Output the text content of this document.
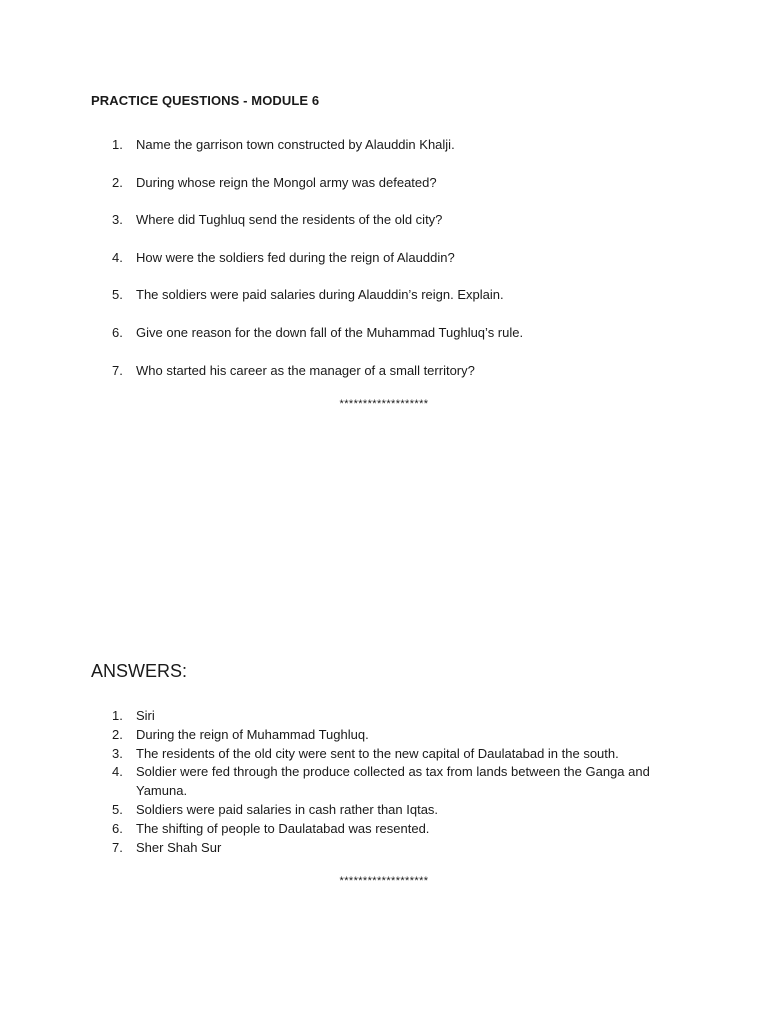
PRACTICE QUESTIONS - MODULE 6
1. Name the garrison town constructed by Alauddin Khalji.
2. During whose reign the Mongol army was defeated?
3. Where did Tughluq send the residents of the old city?
4. How were the soldiers fed during the reign of Alauddin?
5. The soldiers were paid salaries during Alauddin’s reign. Explain.
6. Give one reason for the down fall of the Muhammad Tughluq’s rule.
7. Who started his career as the manager of a small territory?
*******************
ANSWERS:
1. Siri
2. During the reign of Muhammad Tughluq.
3. The residents of the old city were sent to the new capital of Daulatabad in the south.
4. Soldier were fed through the produce collected as tax from lands between the Ganga and Yamuna.
5. Soldiers were paid salaries in cash rather than Iqtas.
6. The shifting of people to Daulatabad was resented.
7. Sher Shah Sur
*******************
